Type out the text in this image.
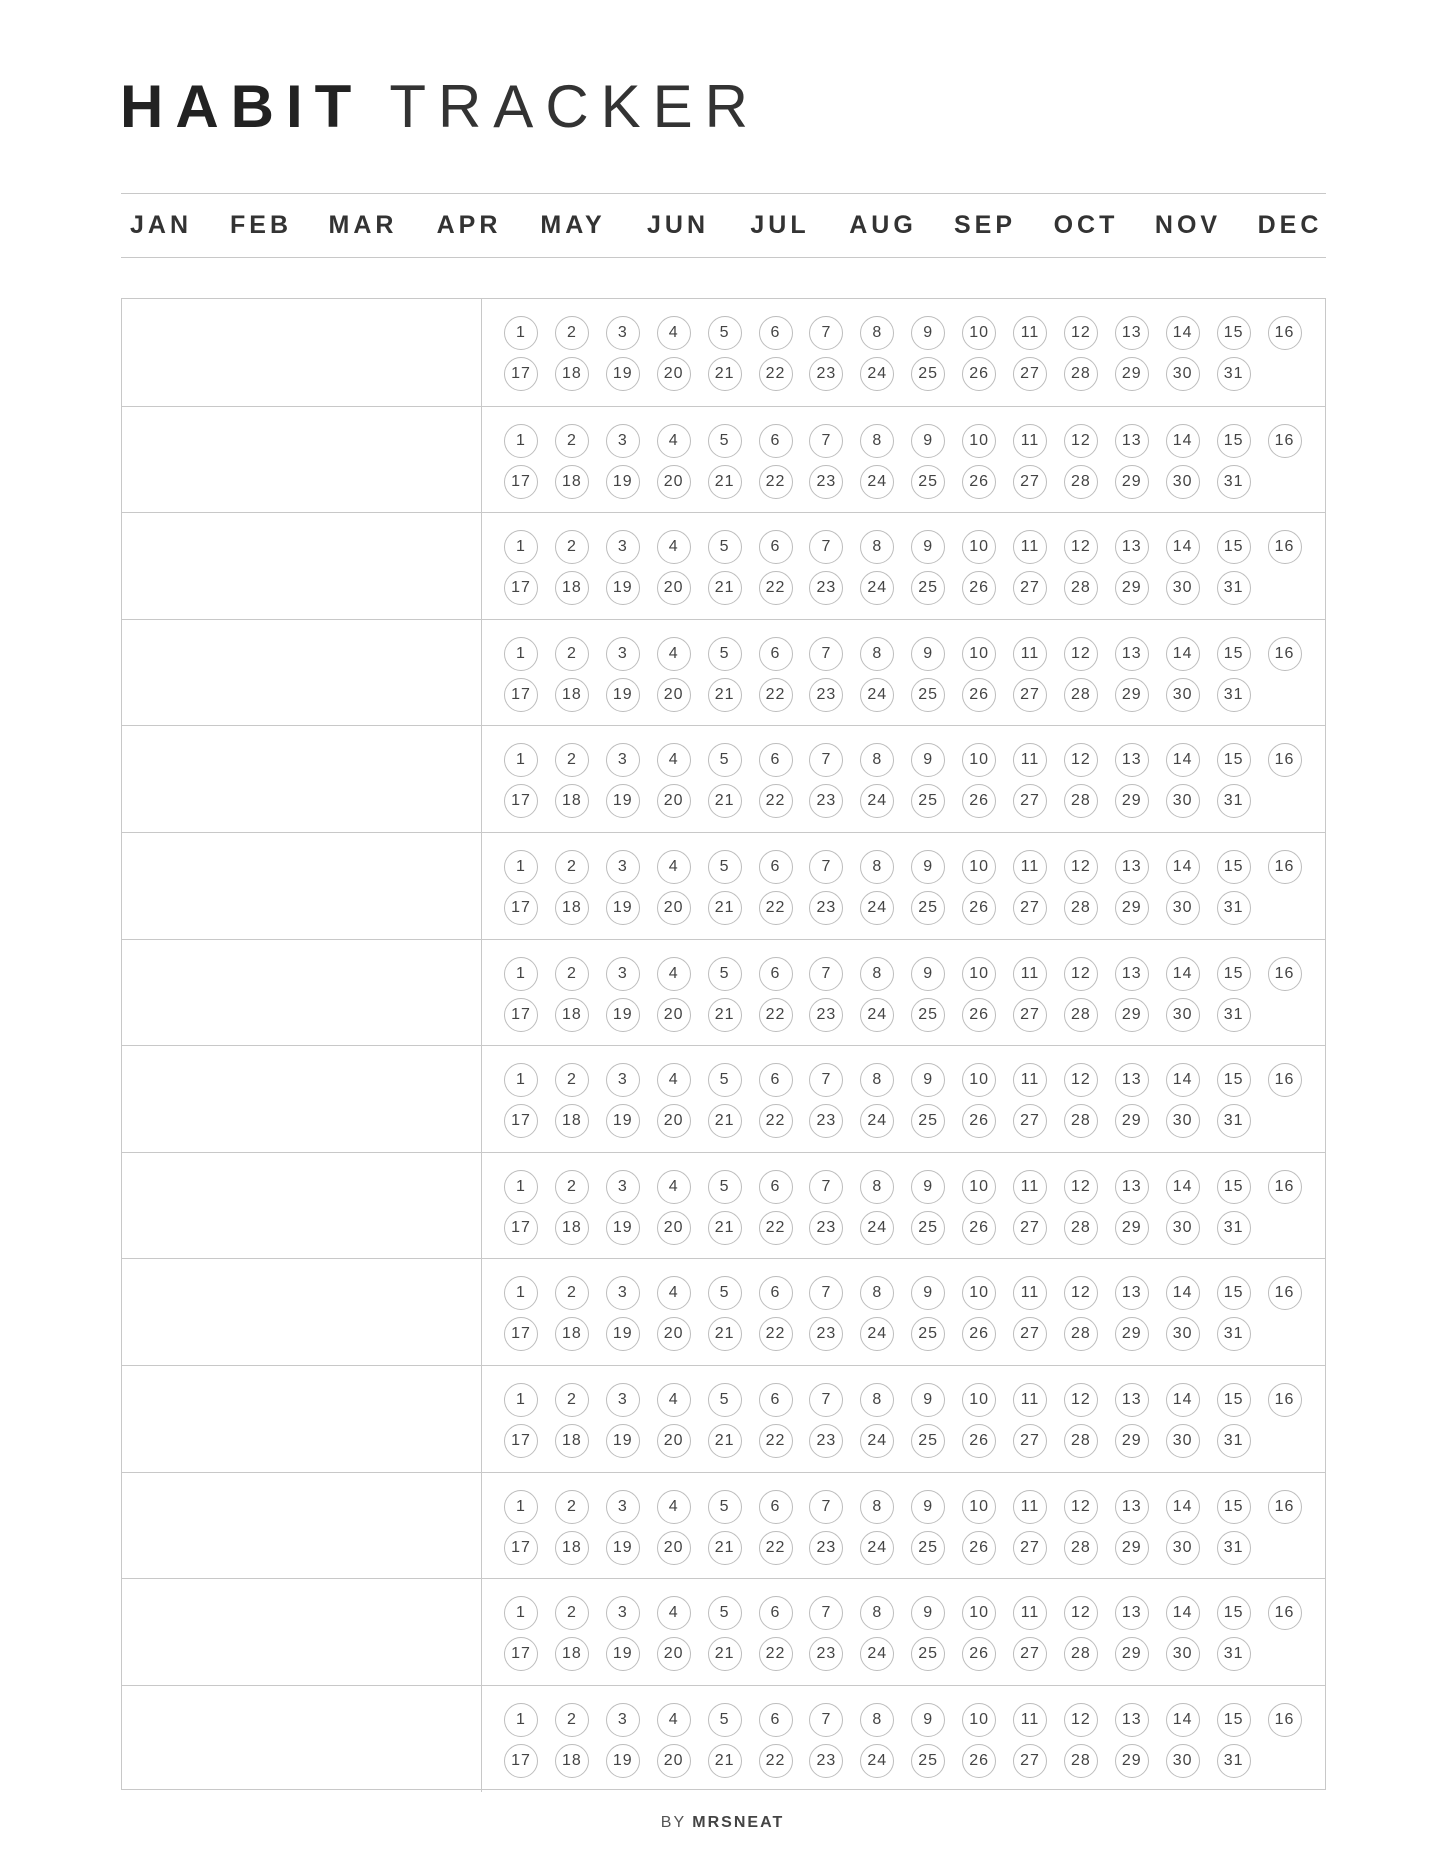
HABIT TRACKER
JAN FEB MAR APR MAY JUN JUL AUG SEP OCT NOV DEC
1	2	3	4	5	6	7	8	9	10	11	12	13	14	15	16
17	18	19	20	21	22	23	24	25	26	27	28	29	30	31
1	2	3	4	5	6	7	8	9	10	11	12	13	14	15	16
17	18	19	20	21	22	23	24	25	26	27	28	29	30	31
1	2	3	4	5	6	7	8	9	10	11	12	13	14	15	16
17	18	19	20	21	22	23	24	25	26	27	28	29	30	31
1	2	3	4	5	6	7	8	9	10	11	12	13	14	15	16
17	18	19	20	21	22	23	24	25	26	27	28	29	30	31
1	2	3	4	5	6	7	8	9	10	11	12	13	14	15	16
17	18	19	20	21	22	23	24	25	26	27	28	29	30	31
1	2	3	4	5	6	7	8	9	10	11	12	13	14	15	16
17	18	19	20	21	22	23	24	25	26	27	28	29	30	31
1	2	3	4	5	6	7	8	9	10	11	12	13	14	15	16
17	18	19	20	21	22	23	24	25	26	27	28	29	30	31
1	2	3	4	5	6	7	8	9	10	11	12	13	14	15	16
17	18	19	20	21	22	23	24	25	26	27	28	29	30	31
1	2	3	4	5	6	7	8	9	10	11	12	13	14	15	16
17	18	19	20	21	22	23	24	25	26	27	28	29	30	31
1	2	3	4	5	6	7	8	9	10	11	12	13	14	15	16
17	18	19	20	21	22	23	24	25	26	27	28	29	30	31
1	2	3	4	5	6	7	8	9	10	11	12	13	14	15	16
17	18	19	20	21	22	23	24	25	26	27	28	29	30	31
1	2	3	4	5	6	7	8	9	10	11	12	13	14	15	16
17	18	19	20	21	22	23	24	25	26	27	28	29	30	31
1	2	3	4	5	6	7	8	9	10	11	12	13	14	15	16
17	18	19	20	21	22	23	24	25	26	27	28	29	30	31
1	2	3	4	5	6	7	8	9	10	11	12	13	14	15	16
17	18	19	20	21	22	23	24	25	26	27	28	29	30	31
BY MRSNEAT
